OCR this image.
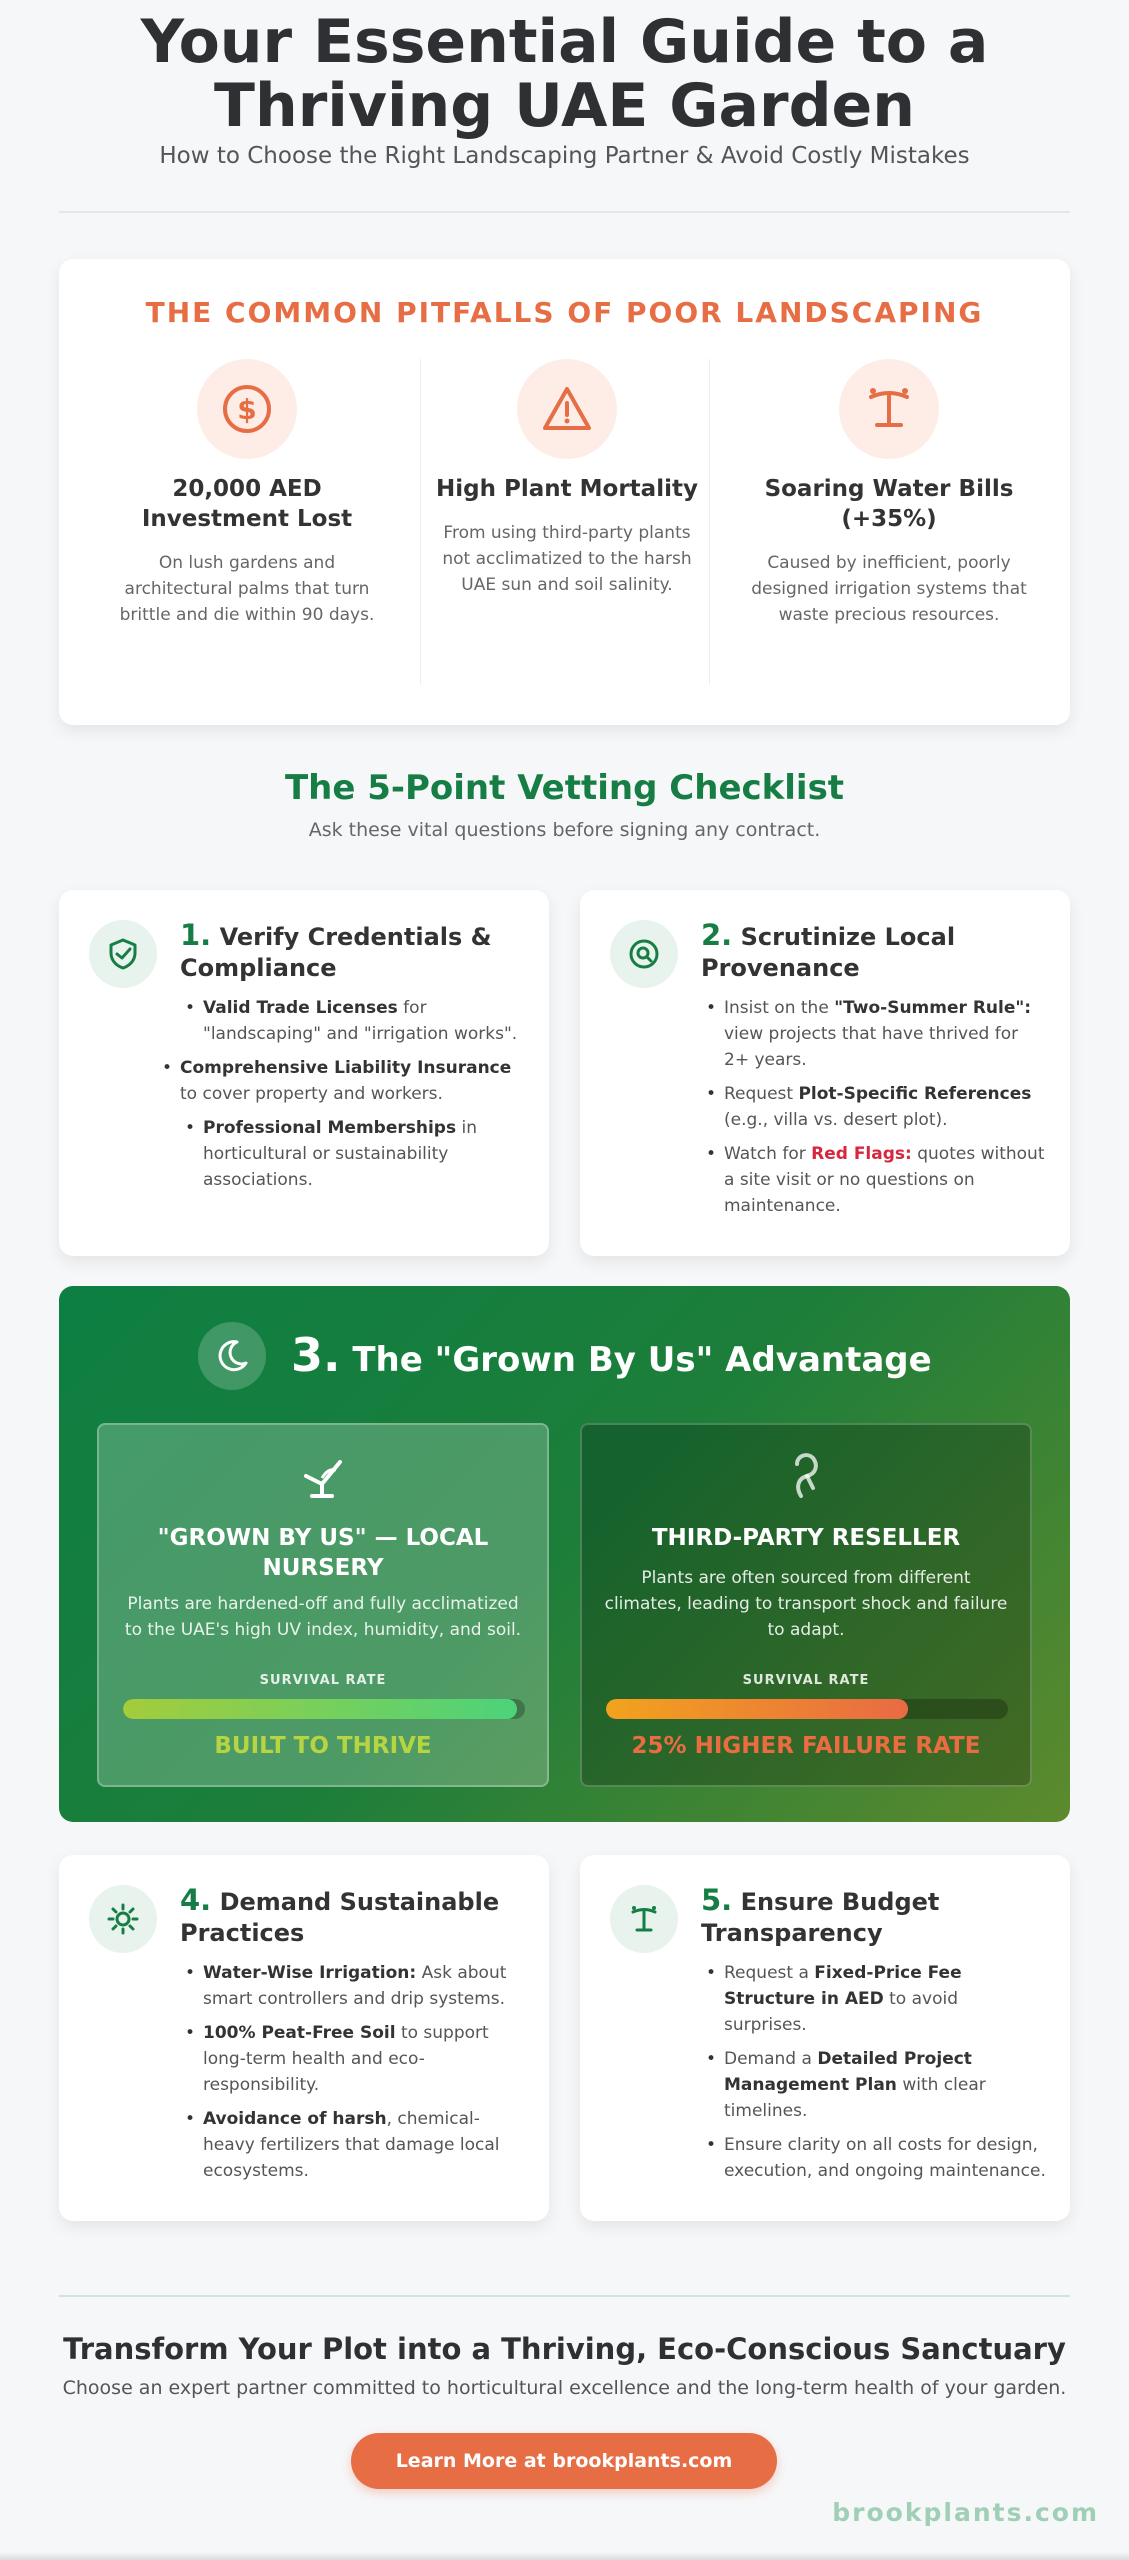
Your Essential Guide to a
Thriving UAE Garden
How to Choose the Right Landscaping Partner & Avoid Costly Mistakes
THE COMMON PITFALLS OF POOR LANDSCAPING
$
20,000 AED Investment Lost
On lush gardens and architectural palms that turn brittle and die within 90 days.
High Plant Mortality
From using third-party plants not acclimatized to the harsh UAE sun and soil salinity.
Soaring Water Bills (+35%)
Caused by inefficient, poorly designed irrigation systems that waste precious resources.
The 5-Point Vetting Checklist
Ask these vital questions before signing any contract.
1. Verify Credentials & Compliance
• Valid Trade Licenses for "landscaping" and "irrigation works".
• Comprehensive Liability Insurance to cover property and workers.
• Professional Memberships in horticultural or sustainability associations.
2. Scrutinize Local Provenance
• Insist on the "Two-Summer Rule": view projects that have thrived for 2+ years.
• Request Plot-Specific References (e.g., villa vs. desert plot).
• Watch for Red Flags: quotes without a site visit or no questions on maintenance.
3. The "Grown By Us" Advantage
"GROWN BY US" — LOCAL NURSERY
Plants are hardened-off and fully acclimatized to the UAE's high UV index, humidity, and soil.
SURVIVAL RATE
BUILT TO THRIVE
THIRD-PARTY RESELLER
Plants are often sourced from different climates, leading to transport shock and failure to adapt.
SURVIVAL RATE
25% HIGHER FAILURE RATE
4. Demand Sustainable Practices
• Water-Wise Irrigation: Ask about smart controllers and drip systems.
• 100% Peat-Free Soil to support long-term health and eco-responsibility.
• Avoidance of harsh, chemical-heavy fertilizers that damage local ecosystems.
5. Ensure Budget Transparency
• Request a Fixed-Price Fee Structure in AED to avoid surprises.
• Demand a Detailed Project Management Plan with clear timelines.
• Ensure clarity on all costs for design, execution, and ongoing maintenance.
Transform Your Plot into a Thriving, Eco-Conscious Sanctuary
Choose an expert partner committed to horticultural excellence and the long-term health of your garden.
Learn More at brookplants.com
brookplants.com
